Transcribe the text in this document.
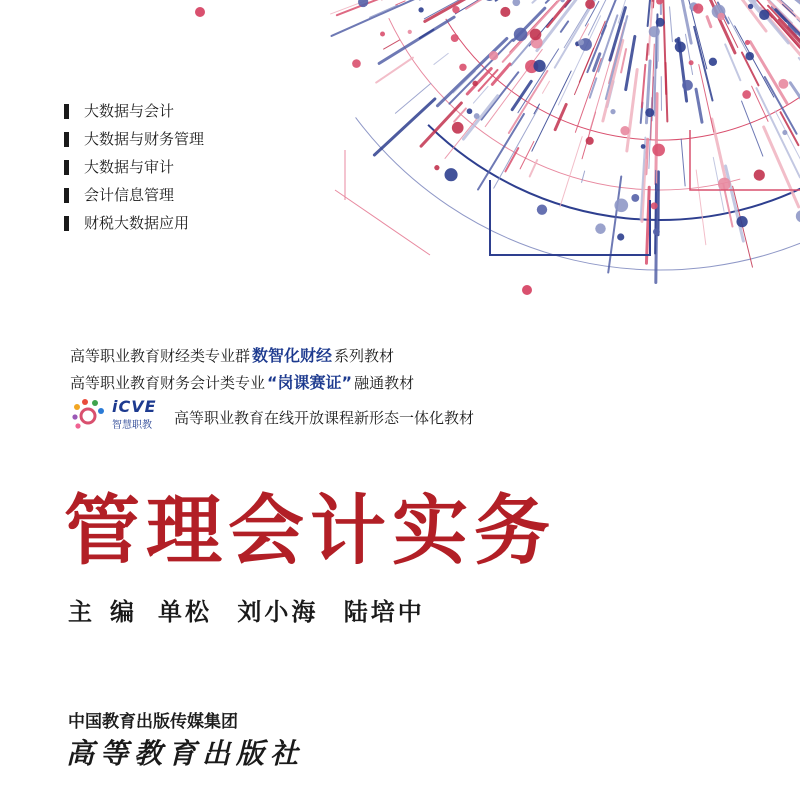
大数据与会计
大数据与财务管理
大数据与审计
会计信息管理
财税大数据应用
高等职业教育财经类专业群 数智化财经 系列教材
高等职业教育财务会计类专业 “岗课赛证” 融通教材
iCVE
智慧职教 高等职业教育在线开放课程新形态一体化教材
管理会计实务
主编 单松 刘小海 陆培中
中国教育出版传媒集团
高等教育出版社
